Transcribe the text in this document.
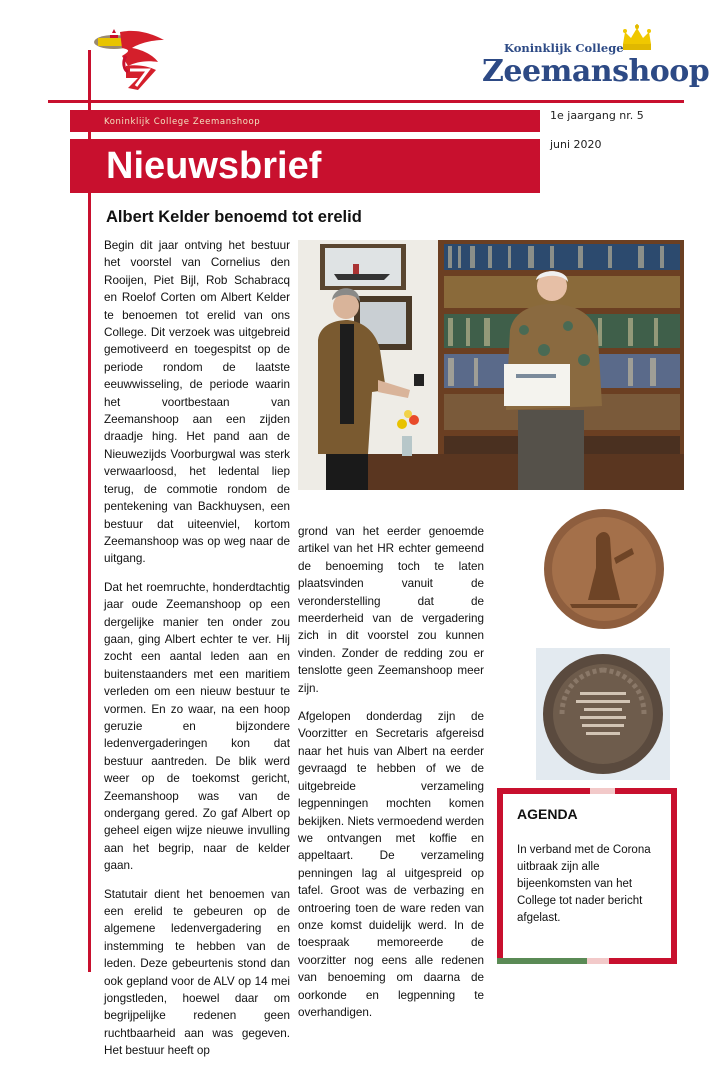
Koninklijk College
Zeemanshoop
Koninklijk College Zeemanshoop
Nieuwsbrief
1e jaargang nr. 5
juni 2020
Albert Kelder benoemd tot erelid

Begin dit jaar ontving het bestuur het voorstel van Cornelius den Rooijen, Piet Bijl, Rob Schabracq en Roelof Corten om Albert Kelder te benoemen tot erelid van ons College. Dit verzoek was uitgebreid gemotiveerd en toegespitst op de periode rondom de laatste eeuwwisseling, de periode waarin het voortbestaan van Zeemanshoop aan een zijden draadje hing. Het pand aan de Nieuwezijds Voorburgwal was sterk verwaarloosd, het ledental liep terug, de commotie rondom de pentekening van Backhuysen, een bestuur dat uiteenviel, kortom Zeemanshoop was op weg naar de uitgang.

Dat het roemruchte, honderdtachtig jaar oude Zeemanshoop op een dergelijke manier ten onder zou gaan, ging Albert echter te ver. Hij zocht een aantal leden aan en buitenstaanders met een maritiem verleden om een nieuw bestuur te vormen. En zo waar, na een hoop geruzie en bijzondere ledenvergaderingen kon dat bestuur aantreden. De blik werd weer op de toekomst gericht, Zeemanshoop was van de ondergang gered. Zo gaf Albert op geheel eigen wijze nieuwe invulling aan het begrip, naar de kelder gaan.

Statutair dient het benoemen van een erelid te gebeuren op de algemene ledenvergadering en instemming te hebben van de leden. Deze gebeurtenis stond dan ook gepland voor de ALV op 14 mei jongstleden, hoewel daar om begrijpelijke redenen geen ruchtbaarheid aan was gegeven. Het bestuur heeft op

grond van het eerder genoemde artikel van het HR echter gemeend de benoeming toch te laten plaatsvinden vanuit de veronderstelling dat de meerderheid van de vergadering zich in dit voorstel zou kunnen vinden. Zonder de redding zou er tenslotte geen Zeemanshoop meer zijn.

Afgelopen donderdag zijn de Voorzitter en Secretaris afgereisd naar het huis van Albert na eerder gevraagd te hebben of we de uitgebreide verzameling legpenningen mochten komen bekijken. Niets vermoedend werden we ontvangen met koffie en appeltaart. De verzameling penningen lag al uitgespreid op tafel. Groot was de verbazing en ontroering toen de ware reden van onze komst duidelijk werd. In de toespraak memoreerde de voorzitter nog eens alle redenen van benoeming om daarna de oorkonde en legpenning te overhandigen.

AGENDA
In verband met de Corona uitbraak zijn alle bijeenkomsten van het College tot nader bericht afgelast.
